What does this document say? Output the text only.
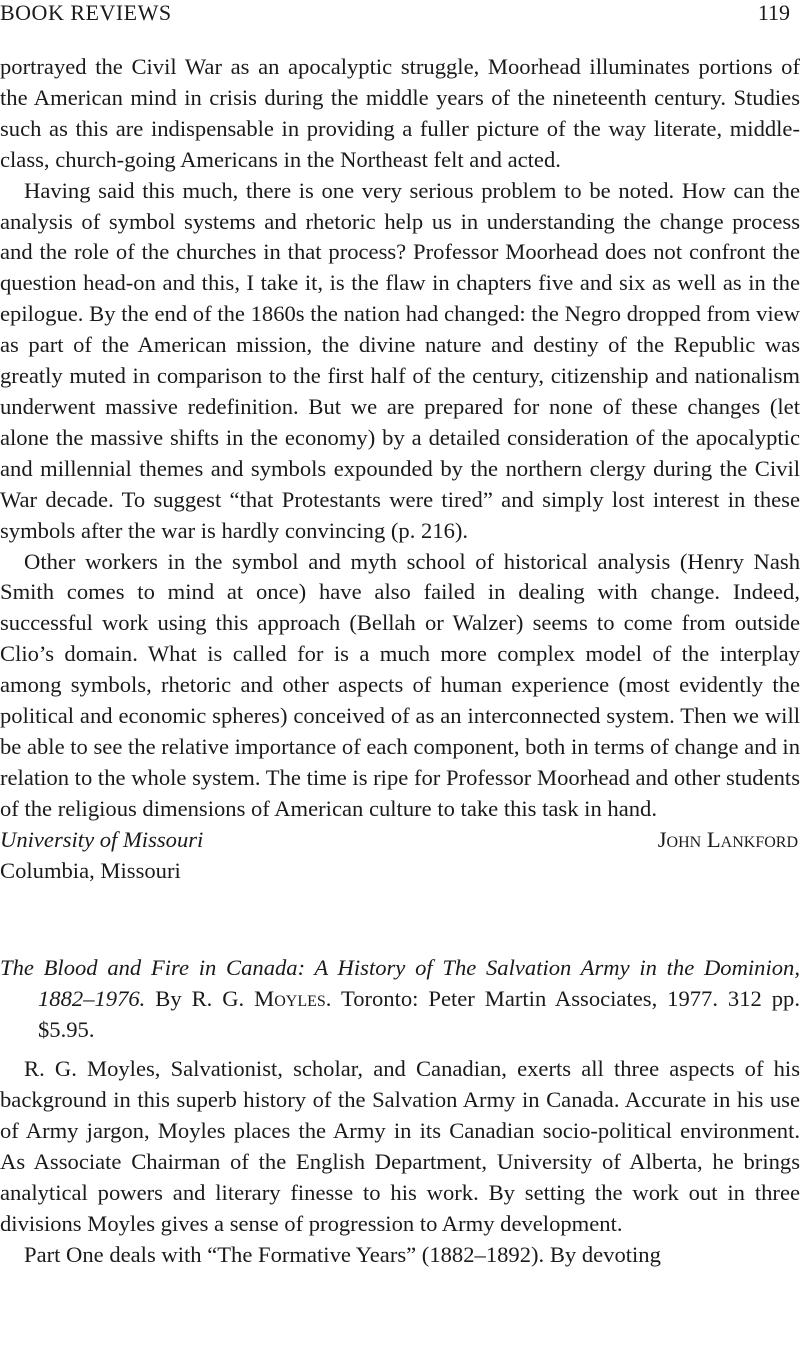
BOOK REVIEWS	119

portrayed the Civil War as an apocalyptic struggle, Moorhead illuminates portions of the American mind in crisis during the middle years of the nineteenth century. Studies such as this are indispensable in providing a fuller picture of the way literate, middle-class, church-going Americans in the Northeast felt and acted.

Having said this much, there is one very serious problem to be noted. How can the analysis of symbol systems and rhetoric help us in understanding the change process and the role of the churches in that process? Professor Moorhead does not confront the question head-on and this, I take it, is the flaw in chapters five and six as well as in the epilogue. By the end of the 1860s the nation had changed: the Negro dropped from view as part of the American mission, the divine nature and destiny of the Republic was greatly muted in comparison to the first half of the century, citizenship and nationalism underwent massive redefinition. But we are prepared for none of these changes (let alone the massive shifts in the economy) by a detailed consideration of the apocalyptic and millennial themes and symbols expounded by the northern clergy during the Civil War decade. To suggest “that Protestants were tired” and simply lost interest in these symbols after the war is hardly convincing (p. 216).

Other workers in the symbol and myth school of historical analysis (Henry Nash Smith comes to mind at once) have also failed in dealing with change. Indeed, successful work using this approach (Bellah or Walzer) seems to come from outside Clio’s domain. What is called for is a much more complex model of the interplay among symbols, rhetoric and other aspects of human experience (most evidently the political and economic spheres) conceived of as an interconnected system. Then we will be able to see the relative importance of each component, both in terms of change and in relation to the whole system. The time is ripe for Professor Moorhead and other students of the religious dimensions of American culture to take this task in hand.

University of Missouri	John Lankford
Columbia, Missouri

The Blood and Fire in Canada: A History of The Salvation Army in the Dominion, 1882–1976. By R. G. Moyles. Toronto: Peter Martin Associates, 1977. 312 pp. $5.95.

R. G. Moyles, Salvationist, scholar, and Canadian, exerts all three aspects of his background in this superb history of the Salvation Army in Canada. Accurate in his use of Army jargon, Moyles places the Army in its Canadian socio-political environment. As Associate Chairman of the English Department, University of Alberta, he brings analytical powers and literary finesse to his work. By setting the work out in three divisions Moyles gives a sense of progression to Army development.

Part One deals with “The Formative Years” (1882–1892). By devoting
